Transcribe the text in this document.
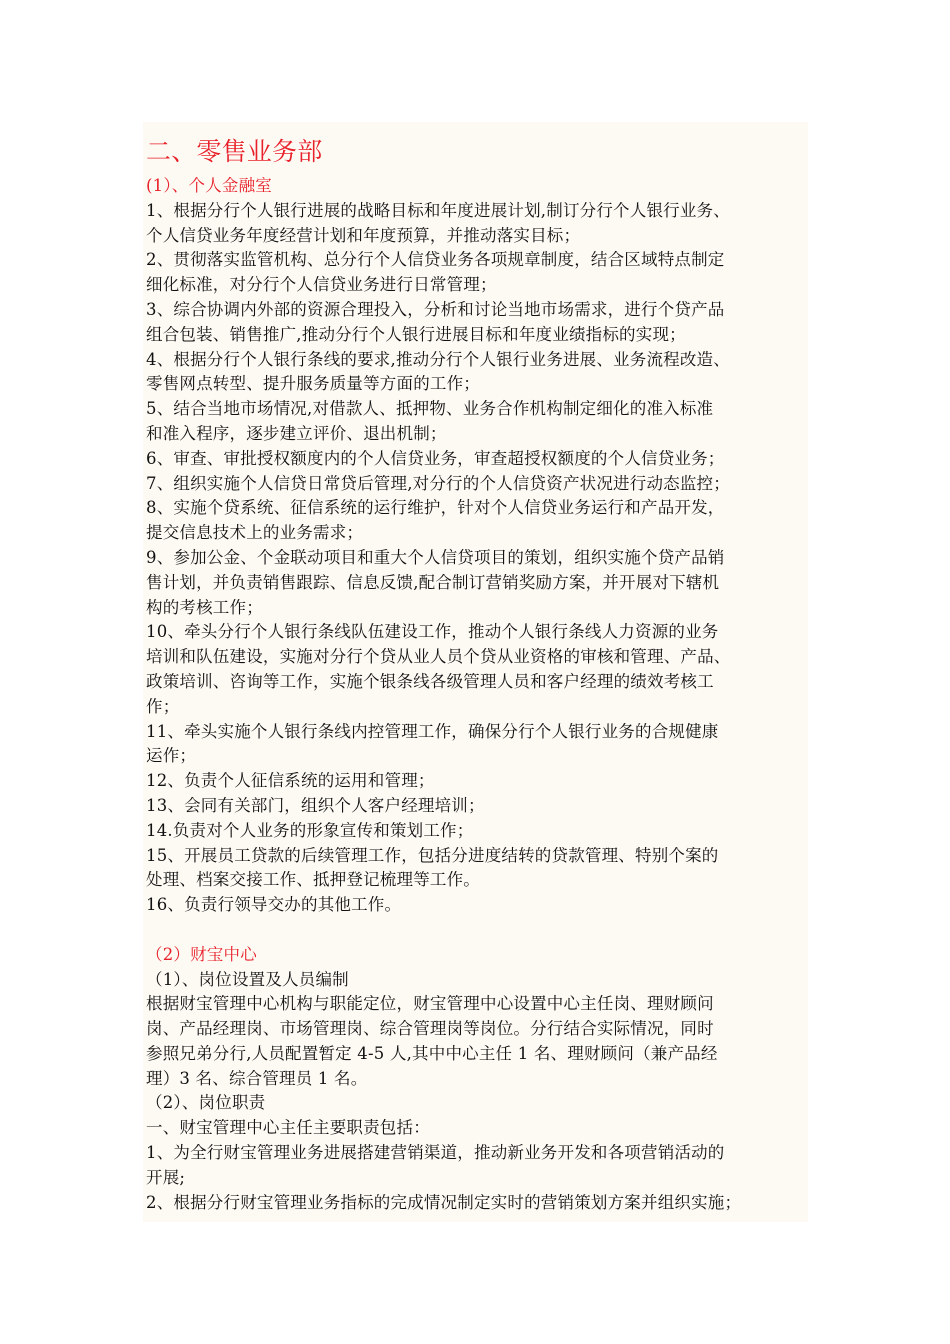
二、零售业务部
(1）、个人金融室
1、根据分行个人银行进展的战略目标和年度进展计划,制订分行个人银行业务、
个人信贷业务年度经营计划和年度预算，并推动落实目标；
2、贯彻落实监管机构、总分行个人信贷业务各项规章制度，结合区域特点制定
细化标准，对分行个人信贷业务进行日常管理；
3、综合协调内外部的资源合理投入，分析和讨论当地市场需求，进行个贷产品
组合包装、销售推广,推动分行个人银行进展目标和年度业绩指标的实现；
4、根据分行个人银行条线的要求,推动分行个人银行业务进展、业务流程改造、
零售网点转型、提升服务质量等方面的工作；
5、结合当地市场情况,对借款人、抵押物、业务合作机构制定细化的准入标准
和准入程序，逐步建立评价、退出机制；
6、审查、审批授权额度内的个人信贷业务，审查超授权额度的个人信贷业务；
7、组织实施个人信贷日常贷后管理,对分行的个人信贷资产状况进行动态监控；
8、实施个贷系统、征信系统的运行维护，针对个人信贷业务运行和产品开发，
提交信息技术上的业务需求；
9、参加公金、个金联动项目和重大个人信贷项目的策划，组织实施个贷产品销
售计划，并负责销售跟踪、信息反馈,配合制订营销奖励方案，并开展对下辖机
构的考核工作；
10、牵头分行个人银行条线队伍建设工作，推动个人银行条线人力资源的业务
培训和队伍建设，实施对分行个贷从业人员个贷从业资格的审核和管理、产品、
政策培训、咨询等工作，实施个银条线各级管理人员和客户经理的绩效考核工
作；
11、牵头实施个人银行条线内控管理工作，确保分行个人银行业务的合规健康
运作；
12、负责个人征信系统的运用和管理；
13、会同有关部门，组织个人客户经理培训；
14.负责对个人业务的形象宣传和策划工作；
15、开展员工贷款的后续管理工作，包括分进度结转的贷款管理、特别个案的
处理、档案交接工作、抵押登记梳理等工作。
16、负责行领导交办的其他工作。
（2）财宝中心
（1）、岗位设置及人员编制
根据财宝管理中心机构与职能定位，财宝管理中心设置中心主任岗、理财顾问
岗、产品经理岗、市场管理岗、综合管理岗等岗位。分行结合实际情况，同时
参照兄弟分行,人员配置暂定 4-5 人,其中中心主任 1 名、理财顾问（兼产品经
理）3 名、综合管理员 1 名。
（2）、岗位职责
一、财宝管理中心主任主要职责包括：
1、为全行财宝管理业务进展搭建营销渠道，推动新业务开发和各项营销活动的
开展;
2、根据分行财宝管理业务指标的完成情况制定实时的营销策划方案并组织实施；
